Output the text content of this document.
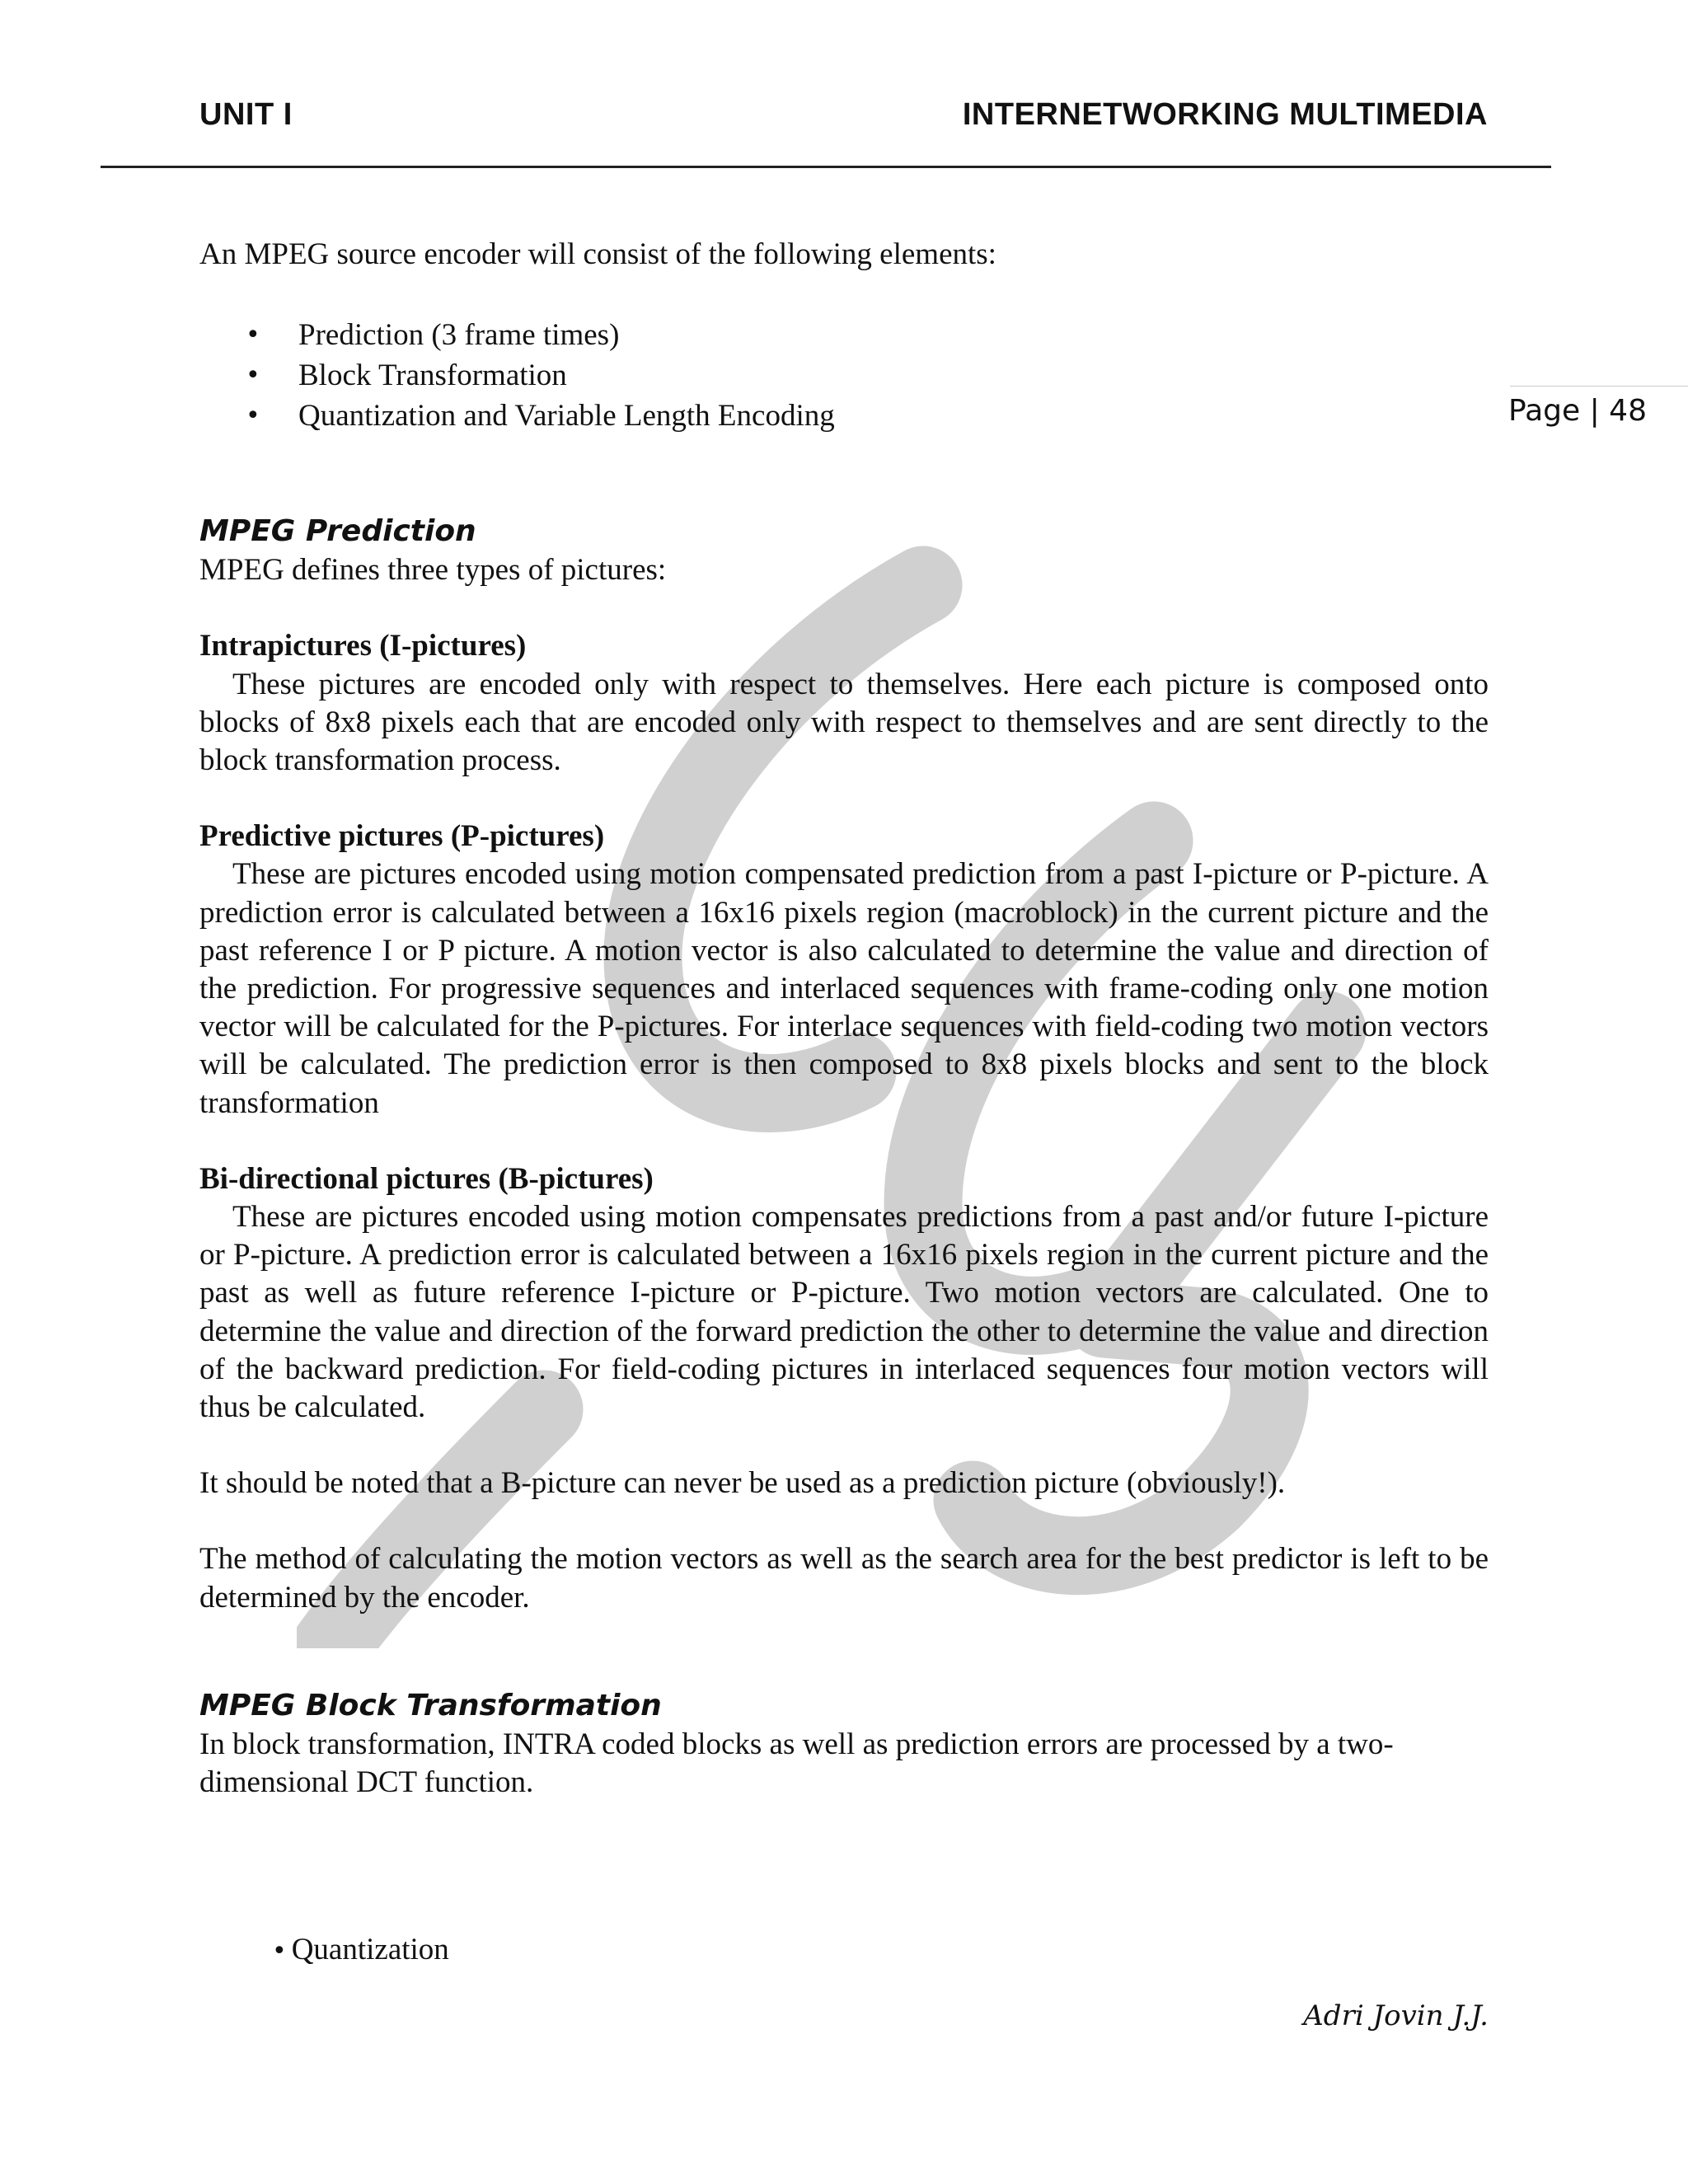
UNIT I	INTERNETWORKING MULTIMEDIA
Page | 48

An MPEG source encoder will consist of the following elements:

• Prediction (3 frame times)
• Block Transformation
• Quantization and Variable Length Encoding
MPEG Prediction

MPEG defines three types of pictures:

Intrapictures (I-pictures)

These pictures are encoded only with respect to themselves. Here each picture is composed onto blocks of 8x8 pixels each that are encoded only with respect to themselves and are sent directly to the block transformation process.

Predictive pictures (P-pictures)

These are pictures encoded using motion compensated prediction from a past I-picture or P-picture. A prediction error is calculated between a 16x16 pixels region (macroblock) in the current picture and the past reference I or P picture. A motion vector is also calculated to determine the value and direction of the prediction. For progressive sequences and interlaced sequences with frame-coding only one motion vector will be calculated for the P-pictures. For interlace sequences with field-coding two motion vectors will be calculated. The prediction error is then composed to 8x8 pixels blocks and sent to the block transformation

Bi-directional pictures (B-pictures)

These are pictures encoded using motion compensates predictions from a past and/or future I-picture or P-picture. A prediction error is calculated between a 16x16 pixels region in the current picture and the past as well as future reference I-picture or P-picture. Two motion vectors are calculated. One to determine the value and direction of the forward prediction the other to determine the value and direction of the backward prediction. For field-coding pictures in interlaced sequences four motion vectors will thus be calculated.

It should be noted that a B-picture can never be used as a prediction picture (obviously!).

The method of calculating the motion vectors as well as the search area for the best predictor is left to be determined by the encoder.

MPEG Block Transformation

In block transformation, INTRA coded blocks as well as prediction errors are processed by a two-dimensional DCT function.

• Quantization
Adri Jovin J.J.
